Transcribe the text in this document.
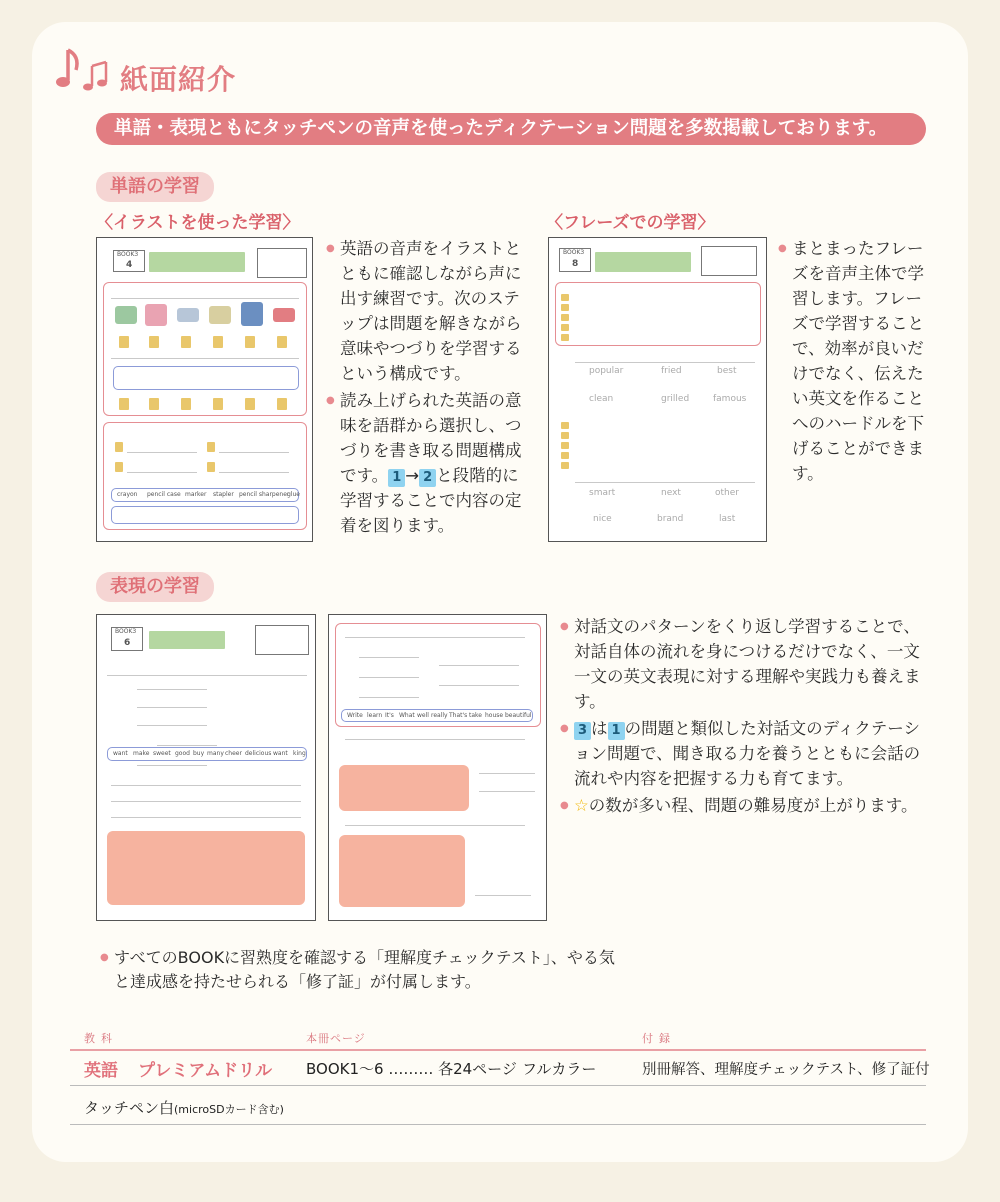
紙面紹介
単語・表現ともにタッチペンの音声を使ったディクテーション問題を多数掲載しております。
単語の学習
〈イラストを使った学習〉	〈フレーズでの学習〉
BOOK3
4
crayon pencil case marker stapler pencil sharpener
glue
● 英語の音声をイラストとともに確認しながら声に出す練習です。次のステップは問題を解きながら意味やつづりを学習するという構成です。
● 読み上げられた英語の意味を語群から選択し、つづりを書き取る問題構成です。 1 → 2 と段階的に学習することで内容の定着を図ります。
BOOK3
8
popular	fried	best
clean	grilled	famous
smart	next	other
nice	brand	last
● まとまったフレーズを音声主体で学習します。フレーズで学習することで、効率が良いだけでなく、伝えたい英文を作ることへのハードルを下げることができます。
表現の学習
BOOK3
6
want make sweet good buy many cheer delicious want king
Write learn It's What well really That's take house beautiful
● 対話文のパターンをくり返し学習することで、対話自体の流れを身につけるだけでなく、一文一文の英文表現に対する理解や実践力も養えます。
● 3 は 1 の問題と類似した対話文のディクテーション問題で、聞き取る力を養うとともに会話の流れや内容を把握する力も育てます。
● ☆の数が多い程、問題の難易度が上がります。
● すべてのBOOKに習熟度を確認する「理解度チェックテスト」、やる気と達成感を持たせられる「修了証」が付属します。
教科	本冊ページ	付録
英語 プレミアムドリル BOOK1～6 ……… 各24ページ フルカラー	別冊解答、理解度チェックテスト、修了証付
タッチペン白(microSDカード含む)
